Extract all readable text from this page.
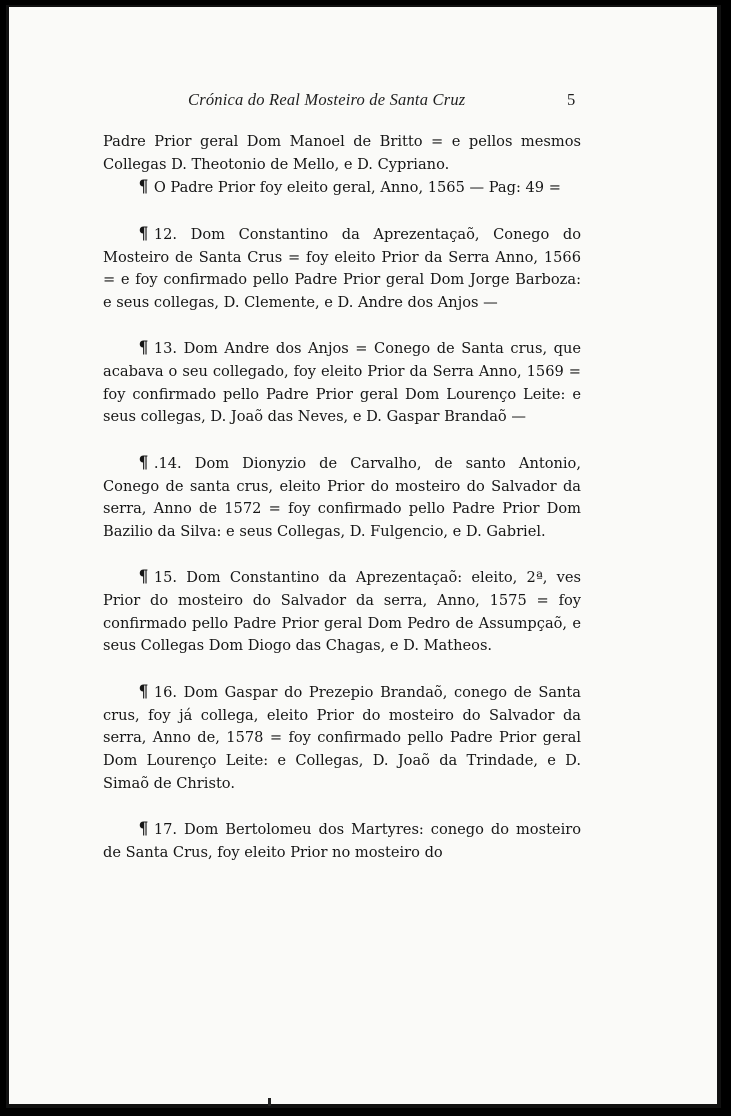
Crónica do Real Mosteiro de Santa Cruz	5

Padre Prior geral Dom Manoel de Britto = e pellos mesmos Collegas D. Theotonio de Mello, e D. Cypriano.

¶ O Padre Prior foy eleito geral, Anno, 1565 — Pag: 49 =

¶ 12. Dom Constantino da Aprezentaçaõ, Conego do Mosteiro de Santa Crus = foy eleito Prior da Serra Anno, 1566 = e foy confirmado pello Padre Prior geral Dom Jorge Barboza: e seus collegas, D. Clemente, e D. Andre dos Anjos —

¶ 13. Dom Andre dos Anjos = Conego de Santa crus, que acabava o seu collegado, foy eleito Prior da Serra Anno, 1569 = foy confirmado pello Padre Prior geral Dom Lourenço Leite: e seus collegas, D. Joaõ das Neves, e D. Gaspar Brandaõ —

¶ .14. Dom Dionyzio de Carvalho, de santo Antonio, Conego de santa crus, eleito Prior do mosteiro do Salvador da serra, Anno de 1572 = foy confirmado pello Padre Prior Dom Bazilio da Silva: e seus Collegas, D. Fulgencio, e D. Gabriel.

¶ 15. Dom Constantino da Aprezentaçaõ: eleito, 2ª, ves Prior do mosteiro do Salvador da serra, Anno, 1575 = foy confirmado pello Padre Prior geral Dom Pedro de Assumpçaõ, e seus Collegas Dom Diogo das Chagas, e D. Matheos.

¶ 16. Dom Gaspar do Prezepio Brandaõ, conego de Santa crus, foy já collega, eleito Prior do mosteiro do Salvador da serra, Anno de, 1578 = foy confirmado pello Padre Prior geral Dom Lourenço Leite: e Collegas, D. Joaõ da Trindade, e D. Simaõ de Christo.

¶ 17. Dom Bertolomeu dos Martyres: conego do mosteiro de Santa Crus, foy eleito Prior no mosteiro do
